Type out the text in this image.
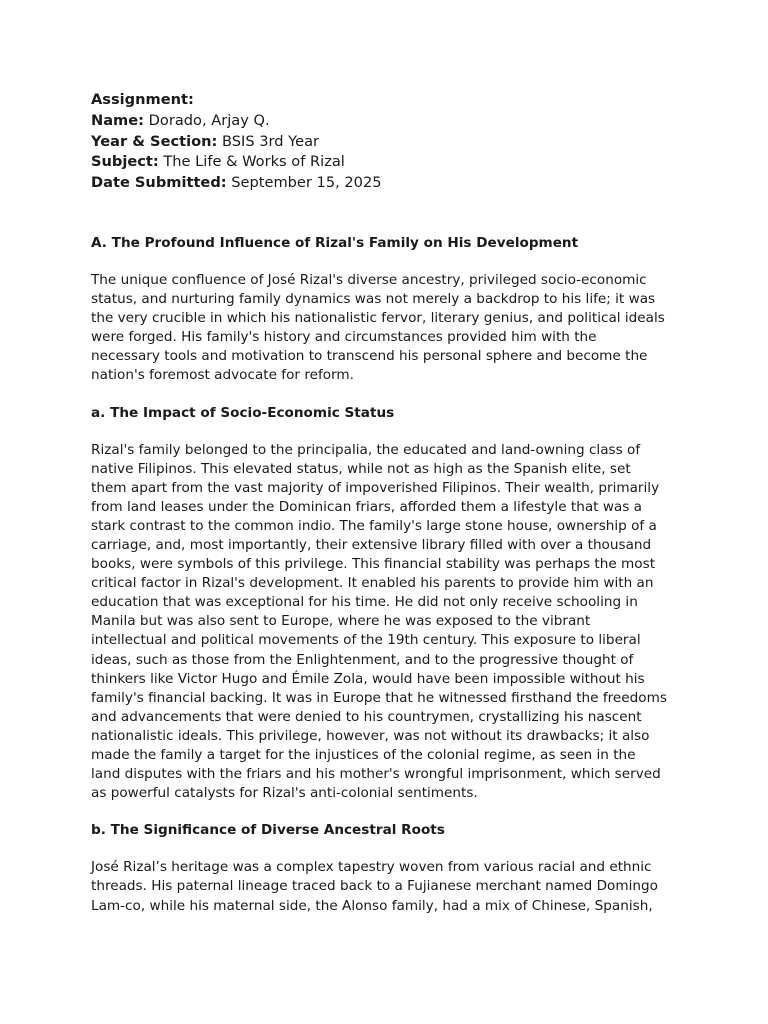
Assignment:
Name: Dorado, Arjay Q.
Year & Section: BSIS 3rd Year
Subject: The Life & Works of Rizal
Date Submitted: September 15, 2025
A. The Profound Influence of Rizal's Family on His Development

The unique confluence of José Rizal's diverse ancestry, privileged socio-economic
status, and nurturing family dynamics was not merely a backdrop to his life; it was
the very crucible in which his nationalistic fervor, literary genius, and political ideals
were forged. His family's history and circumstances provided him with the
necessary tools and motivation to transcend his personal sphere and become the
nation's foremost advocate for reform.

a. The Impact of Socio-Economic Status

Rizal's family belonged to the principalia, the educated and land-owning class of
native Filipinos. This elevated status, while not as high as the Spanish elite, set
them apart from the vast majority of impoverished Filipinos. Their wealth, primarily
from land leases under the Dominican friars, afforded them a lifestyle that was a
stark contrast to the common indio. The family's large stone house, ownership of a
carriage, and, most importantly, their extensive library filled with over a thousand
books, were symbols of this privilege. This financial stability was perhaps the most
critical factor in Rizal's development. It enabled his parents to provide him with an
education that was exceptional for his time. He did not only receive schooling in
Manila but was also sent to Europe, where he was exposed to the vibrant
intellectual and political movements of the 19th century. This exposure to liberal
ideas, such as those from the Enlightenment, and to the progressive thought of
thinkers like Victor Hugo and Émile Zola, would have been impossible without his
family's financial backing. It was in Europe that he witnessed firsthand the freedoms
and advancements that were denied to his countrymen, crystallizing his nascent
nationalistic ideals. This privilege, however, was not without its drawbacks; it also
made the family a target for the injustices of the colonial regime, as seen in the
land disputes with the friars and his mother's wrongful imprisonment, which served
as powerful catalysts for Rizal's anti-colonial sentiments.

b. The Significance of Diverse Ancestral Roots

José Rizal’s heritage was a complex tapestry woven from various racial and ethnic
threads. His paternal lineage traced back to a Fujianese merchant named Domingo
Lam-co, while his maternal side, the Alonso family, had a mix of Chinese, Spanish,
